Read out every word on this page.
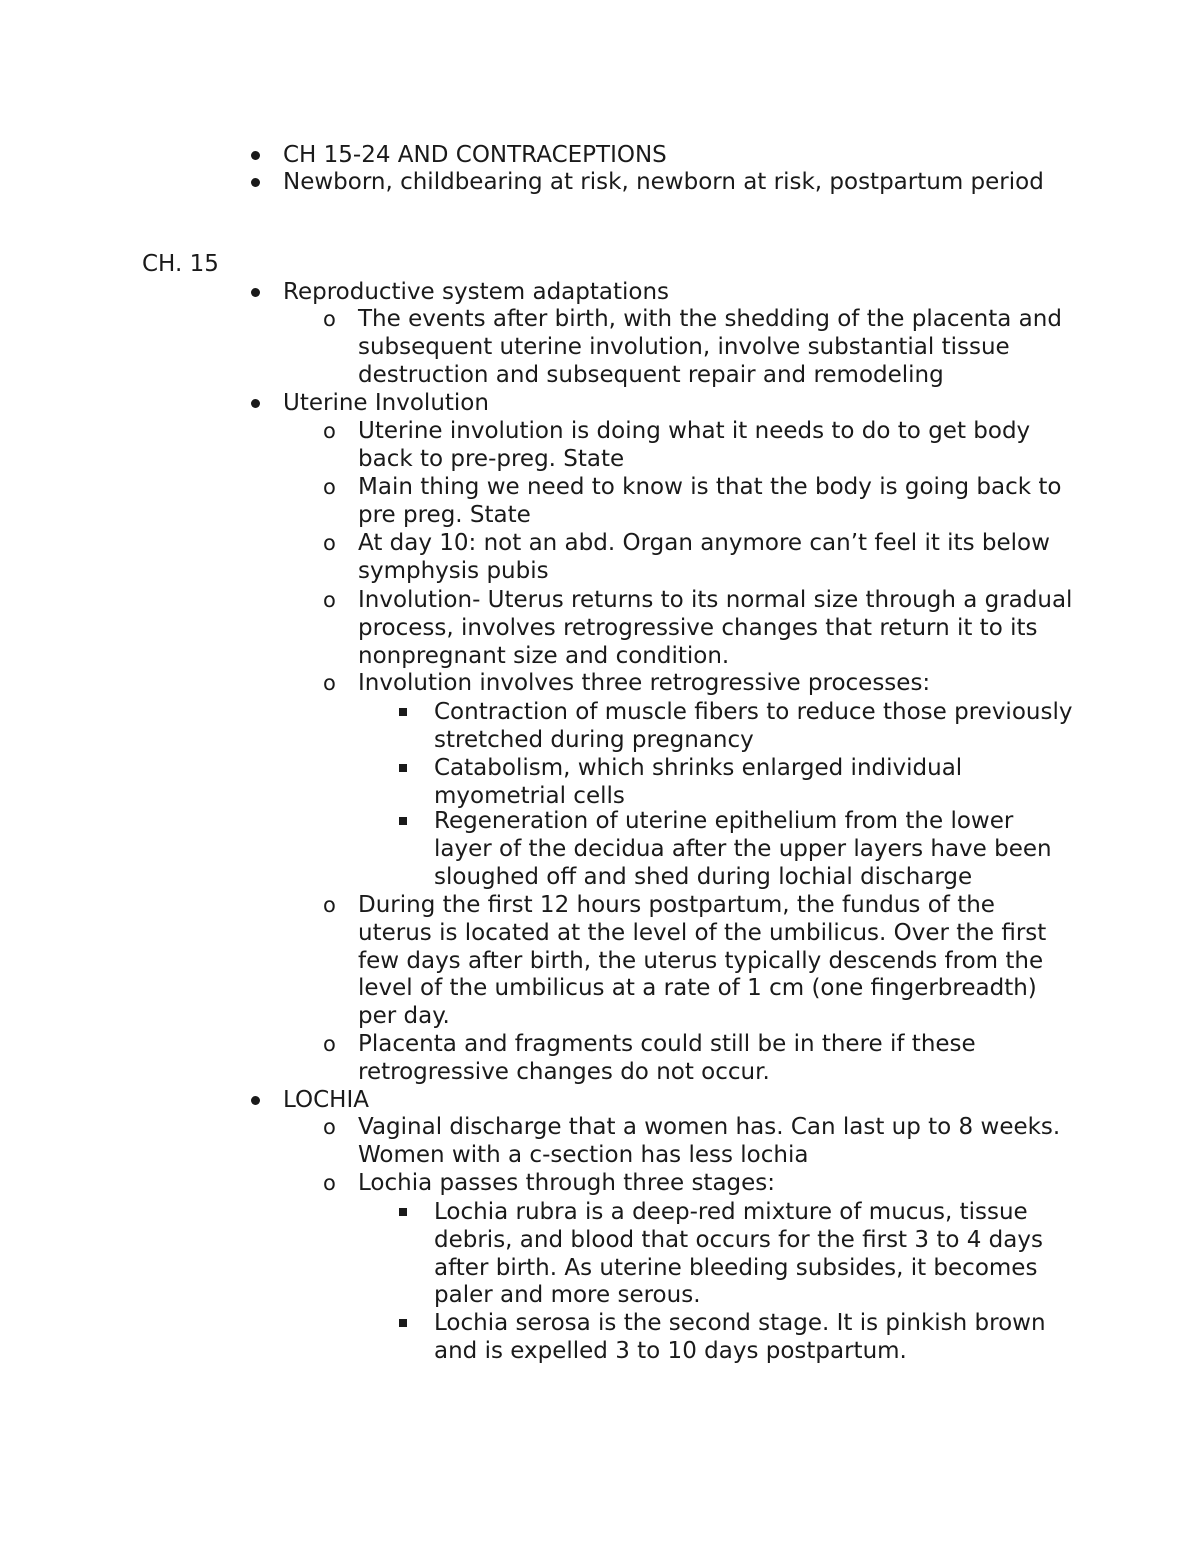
CH 15-24 AND CONTRACEPTIONS
Newborn, childbearing at risk, newborn at risk, postpartum period
CH. 15
Reproductive system adaptations
o The events after birth, with the shedding of the placenta and subsequent uterine involution, involve substantial tissue destruction and subsequent repair and remodeling
Uterine Involution
o Uterine involution is doing what it needs to do to get body back to pre-preg. State
o Main thing we need to know is that the body is going back to pre preg. State
o At day 10: not an abd. Organ anymore can’t feel it its below symphysis pubis
o Involution- Uterus returns to its normal size through a gradual process, involves retrogressive changes that return it to its nonpregnant size and condition.
o Involution involves three retrogressive processes:
Contraction of muscle fibers to reduce those previously stretched during pregnancy
Catabolism, which shrinks enlarged individual myometrial cells
Regeneration of uterine epithelium from the lower layer of the decidua after the upper layers have been sloughed off and shed during lochial discharge
o During the first 12 hours postpartum, the fundus of the uterus is located at the level of the umbilicus. Over the first few days after birth, the uterus typically descends from the level of the umbilicus at a rate of 1 cm (one fingerbreadth) per day.
o Placenta and fragments could still be in there if these retrogressive changes do not occur.
LOCHIA
o Vaginal discharge that a women has. Can last up to 8 weeks. Women with a c-section has less lochia
o Lochia passes through three stages:
Lochia rubra is a deep-red mixture of mucus, tissue debris, and blood that occurs for the first 3 to 4 days after birth. As uterine bleeding subsides, it becomes paler and more serous.
Lochia serosa is the second stage. It is pinkish brown and is expelled 3 to 10 days postpartum.
